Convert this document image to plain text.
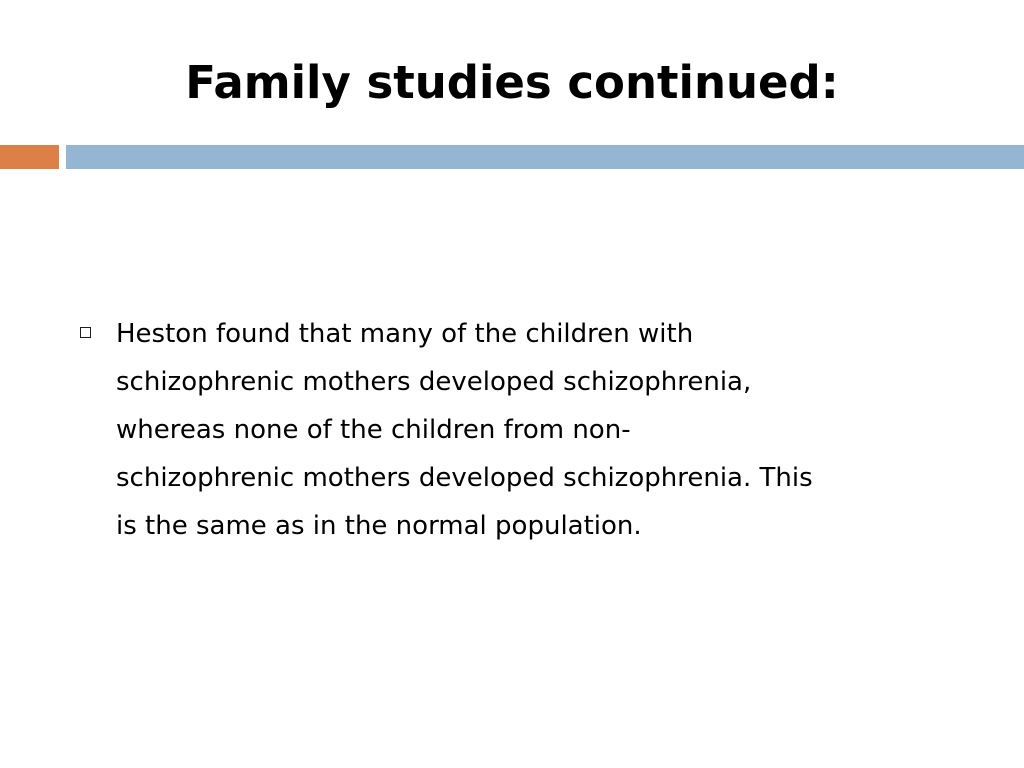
Family studies continued:
Heston found that many of the children with
schizophrenic mothers developed schizophrenia,
whereas none of the children from non-
schizophrenic mothers developed schizophrenia. This
is the same as in the normal population.
